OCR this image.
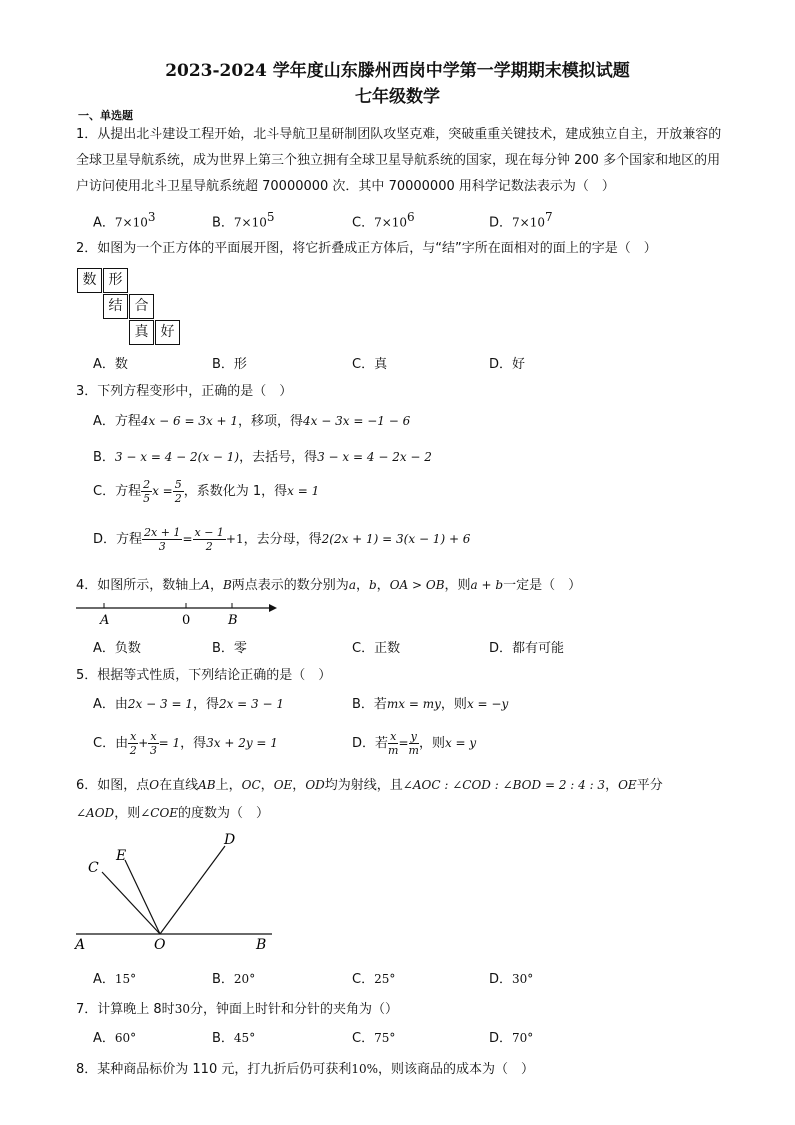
2023-2024 学年度山东滕州西岗中学第一学期期末模拟试题
七年级数学
一、单选题
1．从提出北斗建设工程开始，北斗导航卫星研制团队攻坚克难，突破重重关键技术，建成独立自主，开放兼容的全球卫星导航系统，成为世界上第三个独立拥有全球卫星导航系统的国家，现在每分钟 200 多个国家和地区的用户访问使用北斗卫星导航系统超 70000000 次．其中 70000000 用科学记数法表示为（　）
A．$7\times 10^3$	B．$7\times 10^5$	C．$7\times 10^6$	D．$7\times 10^7$
2．如图为一个正方体的平面展开图，将它折叠成正方体后，与“结”字所在面相对的面上的字是（　）
数 形
结 合
真 好
A．数	B．形	C．真	D．好
3．下列方程变形中，正确的是（　）
A．方程4x − 6 = 3x + 1，移项，得4x − 3x = −1 − 6
B．3 − x = 4 − 2(x − 1)，去括号，得3 − x = 4 − 2x − 2
C．方程 $\frac{2}{5}$ $x = \frac{5}{2}$ ，系数化为 1，得x = 1
D．方程 $\frac{2x + 1}{3} = \frac{x - 1}{2} +1$，去分母，得2(2x + 1) = 3(x − 1) + 6
4．如图所示，数轴上A，B两点表示的数分别为a，b，OA > OB，则a + b一定是（　）
A	0	B
A．负数	B．零	C．正数	D．都有可能
5．根据等式性质，下列结论正确的是（　）
A．由2x − 3 = 1，得2x = 3 − 1	B．若mx = my，则x = −y
C．由 $\frac{x}{2} + \frac{x}{3} = 1$，得3x + 2y = 1	D．若 $\frac{x}{m} = \frac{y}{m}$ ，则x = y
6．如图，点O在直线AB上，OC，OE，OD均为射线，且∠AOC : ∠COD : ∠BOD = 2 : 4 : 3，OE平分
∠AOD，则∠COE的度数为（　）
A	O	B
C
E
D
A．15°	B．20°	C．25°	D．30°
7．计算晚上 8时30分，钟面上时针和分针的夹角为（）
A．60°	B．45°	C．75°	D．70°
8．某种商品标价为 110 元，打九折后仍可获利10%，则该商品的成本为（　）
